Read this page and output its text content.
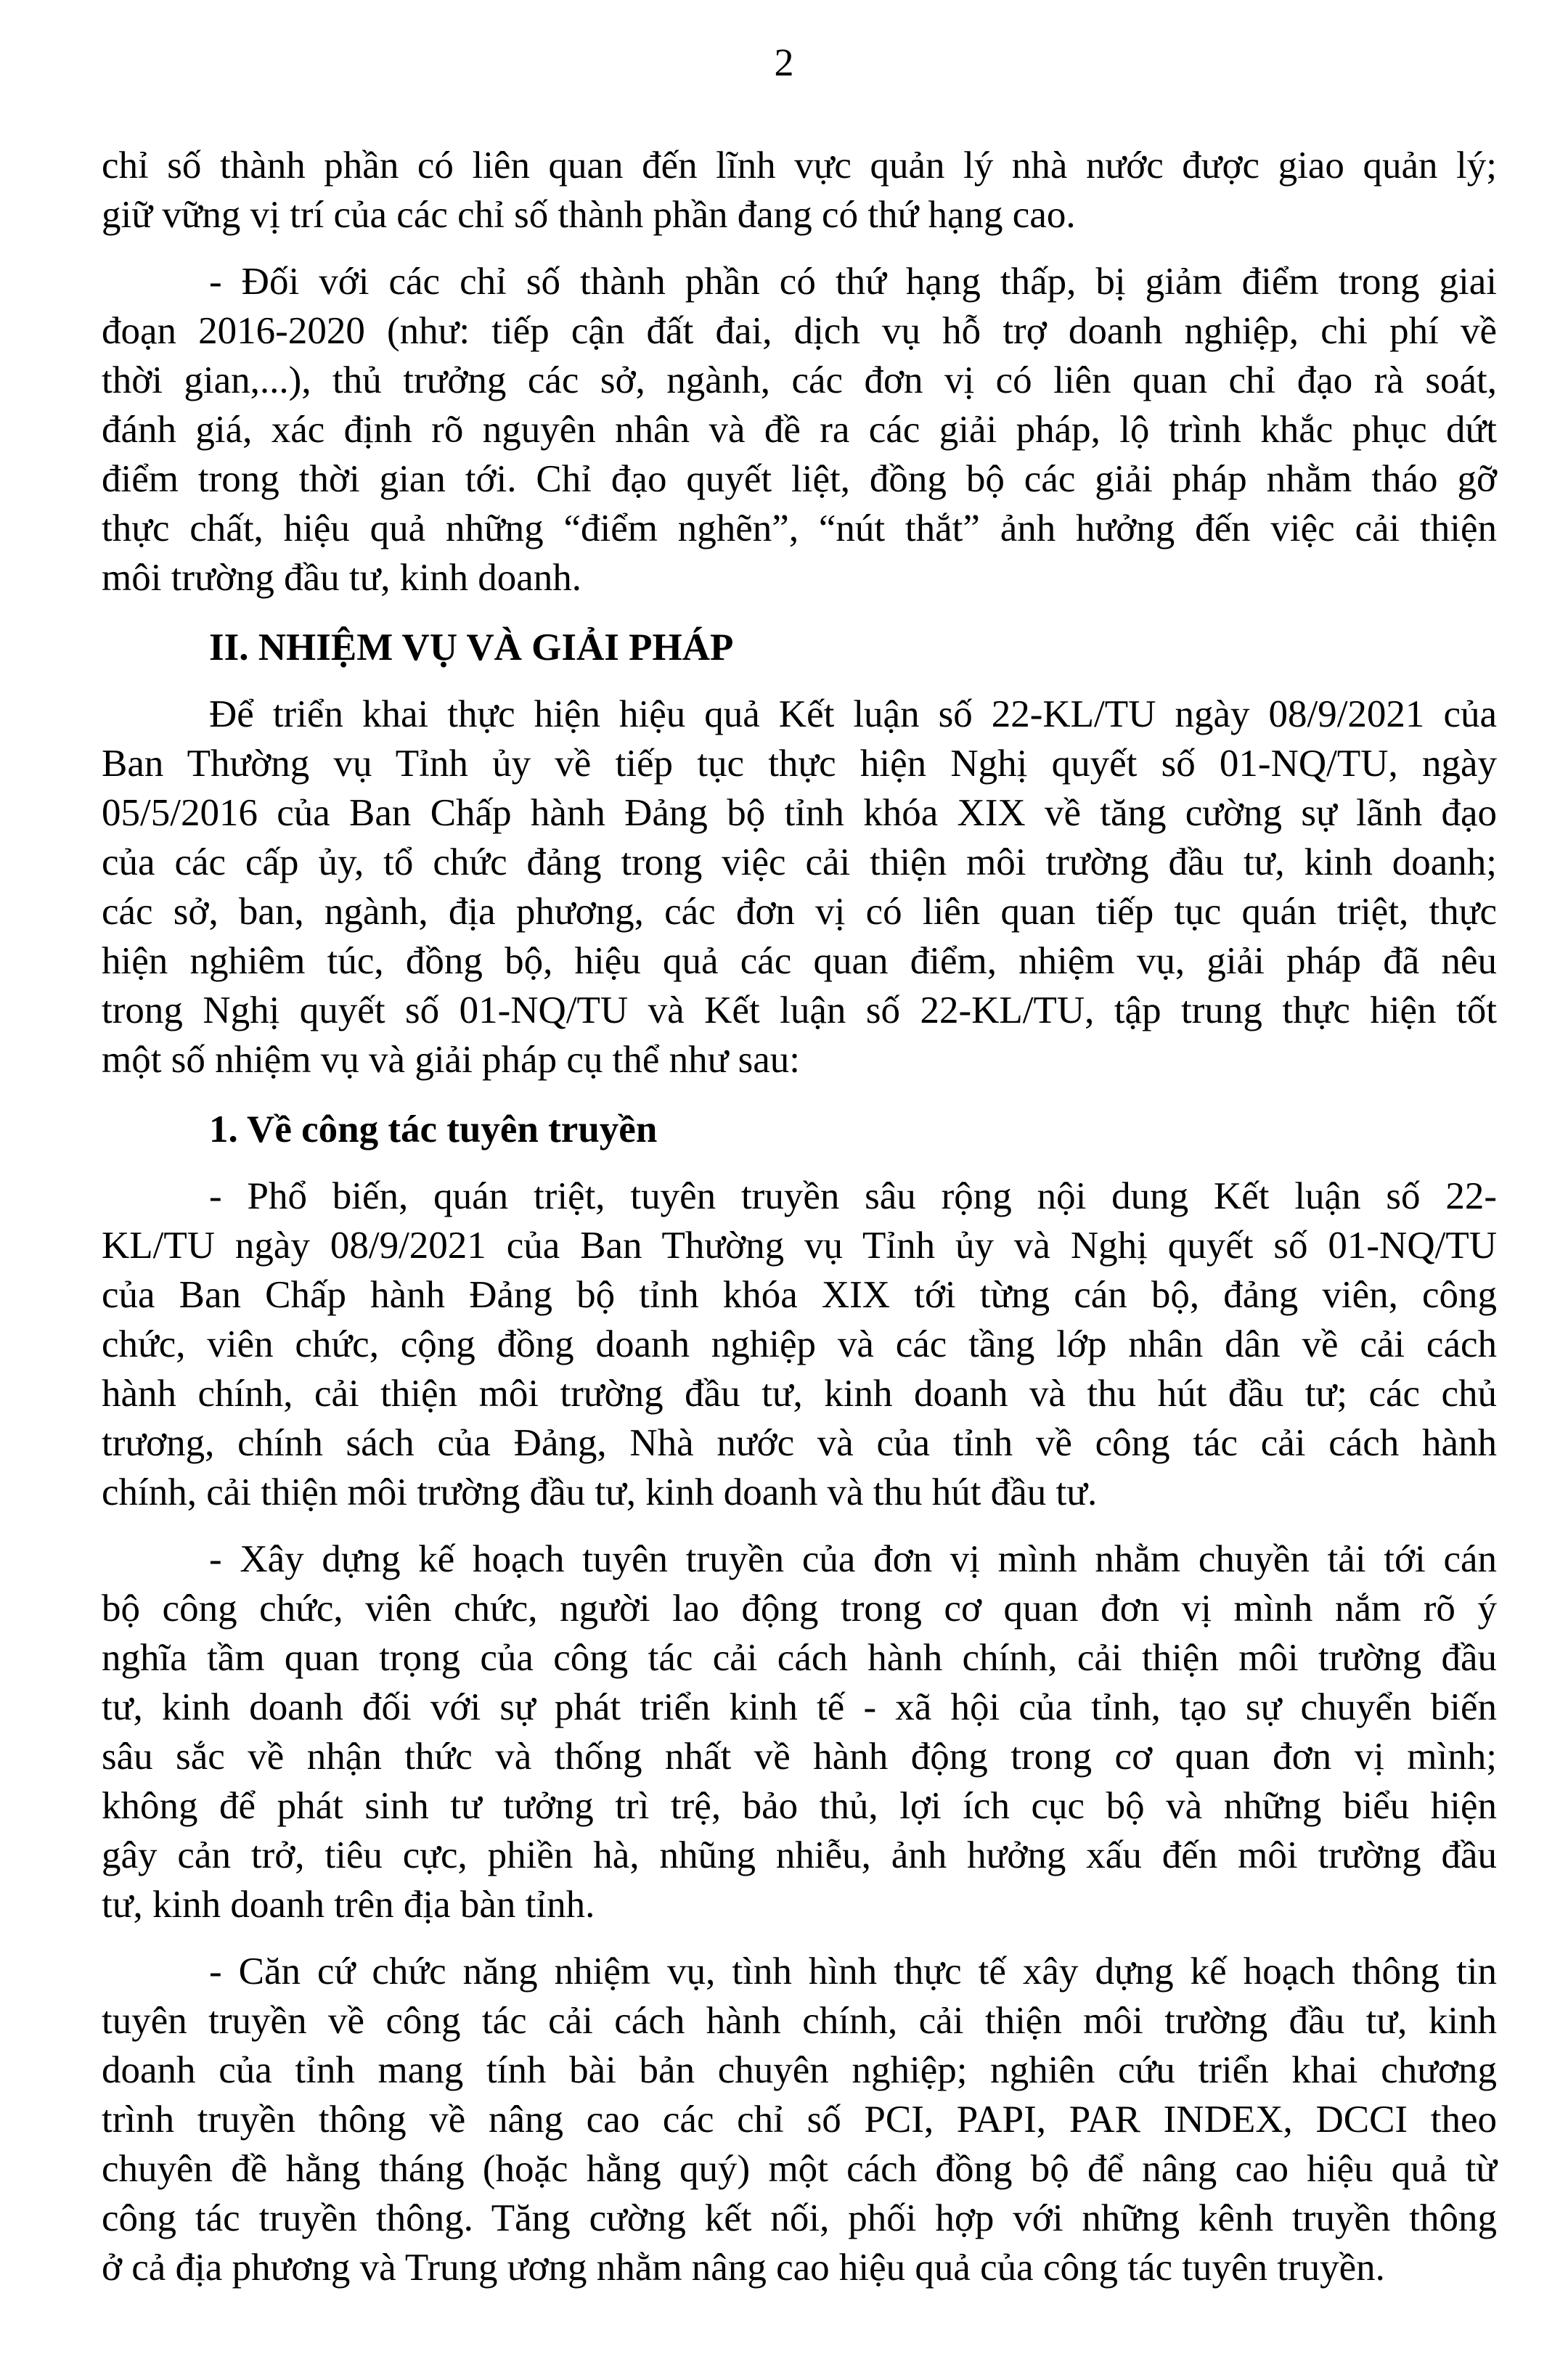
2
chỉ số thành phần có liên quan đến lĩnh vực quản lý nhà nước được giao quản lý;
giữ vững vị trí của các chỉ số thành phần đang có thứ hạng cao.
- Đối với các chỉ số thành phần có thứ hạng thấp, bị giảm điểm trong giai
đoạn 2016-2020 (như: tiếp cận đất đai, dịch vụ hỗ trợ doanh nghiệp, chi phí về
thời gian,...), thủ trưởng các sở, ngành, các đơn vị có liên quan chỉ đạo rà soát,
đánh giá, xác định rõ nguyên nhân và đề ra các giải pháp, lộ trình khắc phục dứt
điểm trong thời gian tới. Chỉ đạo quyết liệt, đồng bộ các giải pháp nhằm tháo gỡ
thực chất, hiệu quả những “điểm nghẽn”, “nút thắt” ảnh hưởng đến việc cải thiện
môi trường đầu tư, kinh doanh.
II. NHIỆM VỤ VÀ GIẢI PHÁP
Để triển khai thực hiện hiệu quả Kết luận số 22-KL/TU ngày 08/9/2021 của
Ban Thường vụ Tỉnh ủy về tiếp tục thực hiện Nghị quyết số 01-NQ/TU, ngày
05/5/2016 của Ban Chấp hành Đảng bộ tỉnh khóa XIX về tăng cường sự lãnh đạo
của các cấp ủy, tổ chức đảng trong việc cải thiện môi trường đầu tư, kinh doanh;
các sở, ban, ngành, địa phương, các đơn vị có liên quan tiếp tục quán triệt, thực
hiện nghiêm túc, đồng bộ, hiệu quả các quan điểm, nhiệm vụ, giải pháp đã nêu
trong Nghị quyết số 01-NQ/TU và Kết luận số 22-KL/TU, tập trung thực hiện tốt
một số nhiệm vụ và giải pháp cụ thể như sau:
1. Về công tác tuyên truyền
- Phổ biến, quán triệt, tuyên truyền sâu rộng nội dung Kết luận số 22-
KL/TU ngày 08/9/2021 của Ban Thường vụ Tỉnh ủy và Nghị quyết số 01-NQ/TU
của Ban Chấp hành Đảng bộ tỉnh khóa XIX tới từng cán bộ, đảng viên, công
chức, viên chức, cộng đồng doanh nghiệp và các tầng lớp nhân dân về cải cách
hành chính, cải thiện môi trường đầu tư, kinh doanh và thu hút đầu tư; các chủ
trương, chính sách của Đảng, Nhà nước và của tỉnh về công tác cải cách hành
chính, cải thiện môi trường đầu tư, kinh doanh và thu hút đầu tư.
- Xây dựng kế hoạch tuyên truyền của đơn vị mình nhằm chuyền tải tới cán
bộ công chức, viên chức, người lao động trong cơ quan đơn vị mình nắm rõ ý
nghĩa tầm quan trọng của công tác cải cách hành chính, cải thiện môi trường đầu
tư, kinh doanh đối với sự phát triển kinh tế - xã hội của tỉnh, tạo sự chuyển biến
sâu sắc về nhận thức và thống nhất về hành động trong cơ quan đơn vị mình;
không để phát sinh tư tưởng trì trệ, bảo thủ, lợi ích cục bộ và những biểu hiện
gây cản trở, tiêu cực, phiền hà, nhũng nhiễu, ảnh hưởng xấu đến môi trường đầu
tư, kinh doanh trên địa bàn tỉnh.
- Căn cứ chức năng nhiệm vụ, tình hình thực tế xây dựng kế hoạch thông tin
tuyên truyền về công tác cải cách hành chính, cải thiện môi trường đầu tư, kinh
doanh của tỉnh mang tính bài bản chuyên nghiệp; nghiên cứu triển khai chương
trình truyền thông về nâng cao các chỉ số PCI, PAPI, PAR INDEX, DCCI theo
chuyên đề hằng tháng (hoặc hằng quý) một cách đồng bộ để nâng cao hiệu quả từ
công tác truyền thông. Tăng cường kết nối, phối hợp với những kênh truyền thông
ở cả địa phương và Trung ương nhằm nâng cao hiệu quả của công tác tuyên truyền.
